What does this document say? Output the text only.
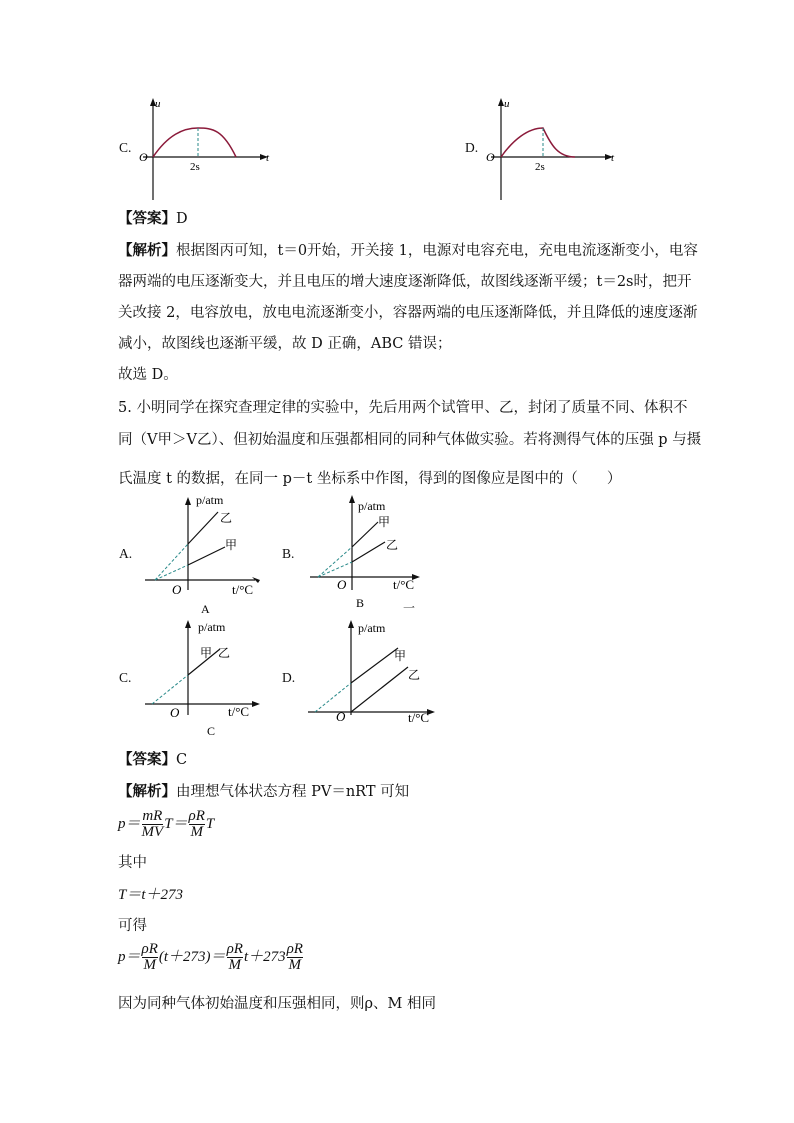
C.
u
t
O
2s
D.
u
t
O
2s
【答案】D
【解析】根据图丙可知，t＝0开始，开关接 1，电源对电容充电，充电电流逐渐变小，电容
器两端的电压逐渐变大，并且电压的增大速度逐渐降低，故图线逐渐平缓；t＝2s时，把开
关改接 2，电容放电，放电电流逐渐变小，容器两端的电压逐渐降低，并且降低的速度逐渐
减小，故图线也逐渐平缓，故 D 正确，ABC 错误；
故选 D。
5. 小明同学在探究查理定律的实验中，先后用两个试管甲、乙，封闭了质量不同、体积不
同（V甲＞V乙）、但初始温度和压强都相同的同种气体做实验。若将测得气体的压强 p 与摄
氏温度 t 的数据，在同一 p－t 坐标系中作图，得到的图像应是图中的（　　）
A.
p/atm
乙
甲
O	t/°C
A
B.
p/atm
甲
乙
O	t/°C
B	一
C.
p/atm
甲 乙
O	t/°C
C
D.
p/atm
甲
乙
O	t/°C
【答案】C
【解析】由理想气体状态方程 PV＝nRT 可知
$p= \frac{mR}{MV} T= \frac{\rho R}{M}$ T
其中
T＝t＋273
可得
$p= \frac{\rho R}{M} (t+273)= \frac{\rho R}{M} t+273 \frac{\rho R}{M}$
因为同种气体初始温度和压强相同，则ρ、M 相同
